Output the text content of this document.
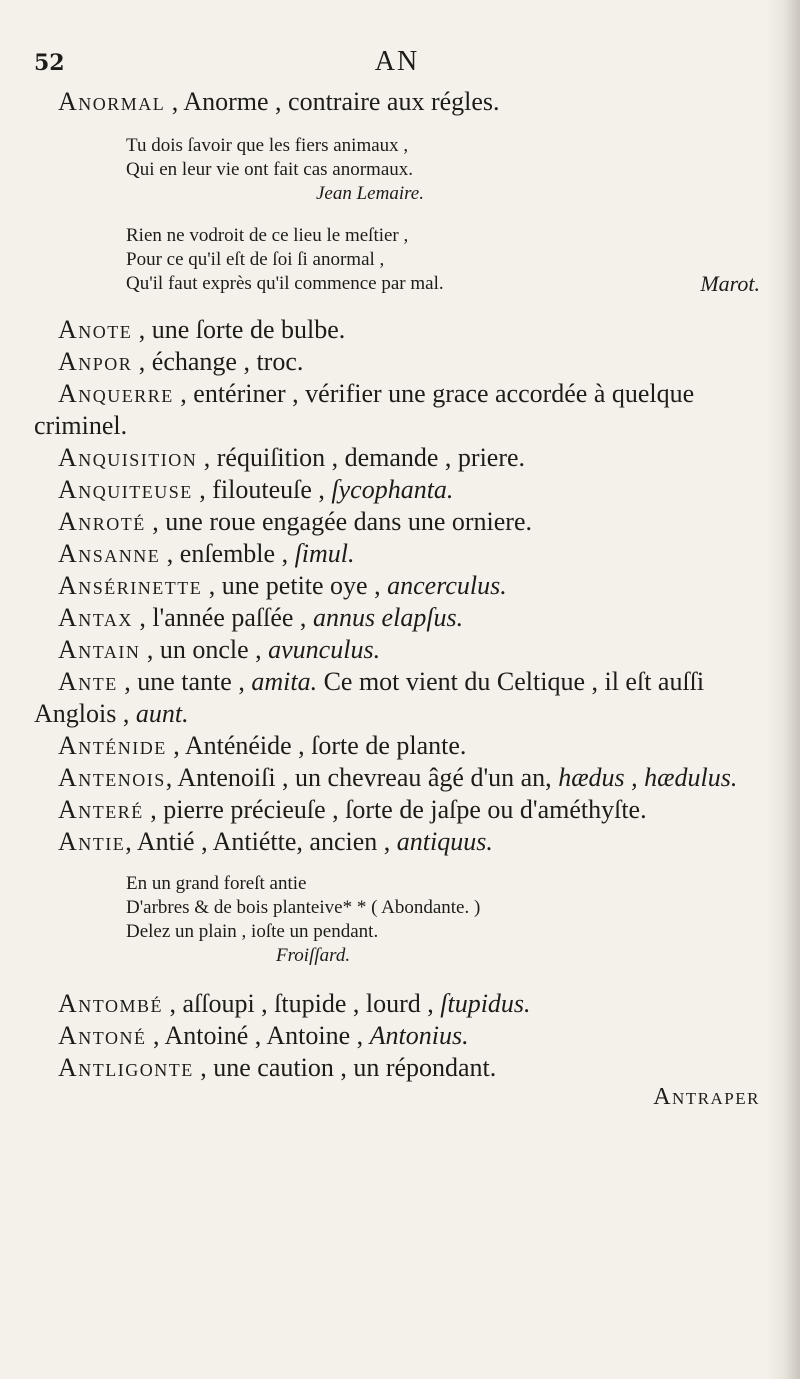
52	AN

Anormal , Anorme , contraire aux régles.

Tu dois ſavoir que les fiers animaux ,
Qui en leur vie ont fait cas anormaux.
Jean Lemaire.
Rien ne vodroit de ce lieu le meſtier ,
Pour ce qu'il eſt de ſoi ſi anormal ,
Qu'il faut exprès qu'il commence par mal.	Marot.

Anote , une ſorte de bulbe.

Anpor , échange , troc.

Anquerre , entériner , vérifier une grace accordée à quelque criminel.

Anquisition , réquiſition , demande , priere.

Anquiteuse , filouteuſe , ſycophanta.

Anroté , une roue engagée dans une orniere.

Ansanne , enſemble , ſimul.

Ansérinette , une petite oye , ancerculus.

Antax , l'année paſſée , annus elapſus.

Antain , un oncle , avunculus.

Ante , une tante , amita. Ce mot vient du Celtique , il eſt auſſi Anglois , aunt.

Anténide , Anténéide , ſorte de plante.

Antenois, Antenoiſi , un chevreau âgé d'un an, hædus , hædulus.

Anteré , pierre précieuſe , ſorte de jaſpe ou d'améthyſte.

Antie, Antié , Antiétte, ancien , antiquus.

En un grand foreſt antie
D'arbres & de bois planteive* * ( Abondante. )
Delez un plain , ioſte un pendant.
Froiſſard.

Antombé , aſſoupi , ſtupide , lourd , ſtupidus.

Antoné , Antoiné , Antoine , Antonius.

Antligonte , une caution , un répondant.

Antraper
